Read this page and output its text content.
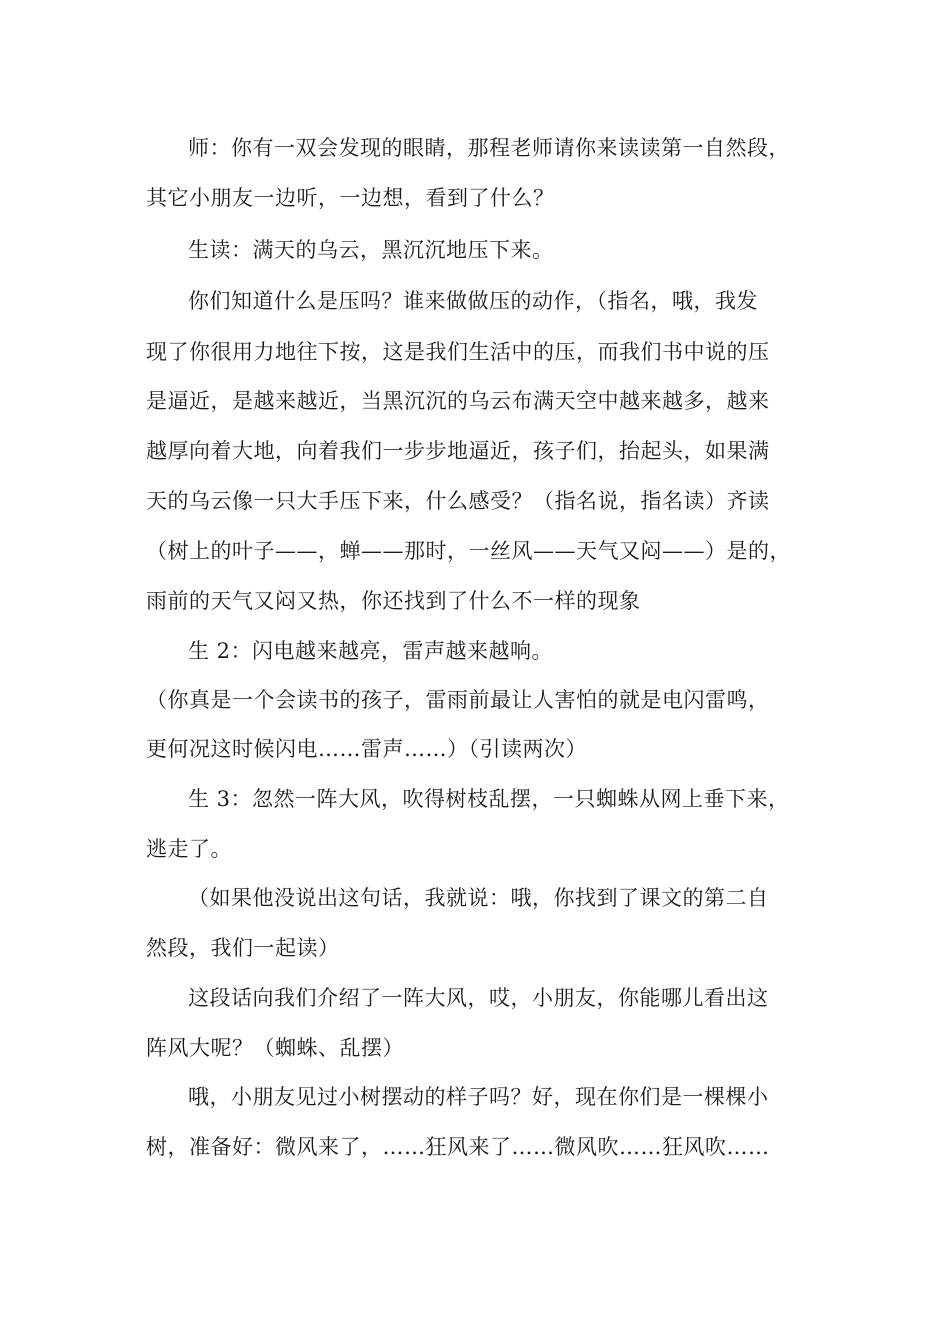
师：你有一双会发现的眼睛，那程老师请你来读读第一自然段，
其它小朋友一边听，一边想，看到了什么？
生读：满天的乌云，黑沉沉地压下来。
你们知道什么是压吗？谁来做做压的动作，（指名，哦，我发
现了你很用力地往下按，这是我们生活中的压，而我们书中说的压
是逼近，是越来越近，当黑沉沉的乌云布满天空中越来越多，越来
越厚向着大地，向着我们一步步地逼近，孩子们，抬起头，如果满
天的乌云像一只大手压下来，什么感受？（指名说，指名读）齐读
（树上的叶子——，蝉——那时，一丝风——天气又闷——）是的，
雨前的天气又闷又热，你还找到了什么不一样的现象
生 2：闪电越来越亮，雷声越来越响。
（你真是一个会读书的孩子，雷雨前最让人害怕的就是电闪雷鸣，
更何况这时候闪电……雷声……）（引读两次）
生 3：忽然一阵大风，吹得树枝乱摆，一只蜘蛛从网上垂下来，
逃走了。
（如果他没说出这句话，我就说：哦，你找到了课文的第二自
然段，我们一起读）
这段话向我们介绍了一阵大风，哎，小朋友，你能哪儿看出这
阵风大呢？（蜘蛛、乱摆）
哦，小朋友见过小树摆动的样子吗？好，现在你们是一棵棵小
树，准备好：微风来了，……狂风来了……微风吹……狂风吹……
